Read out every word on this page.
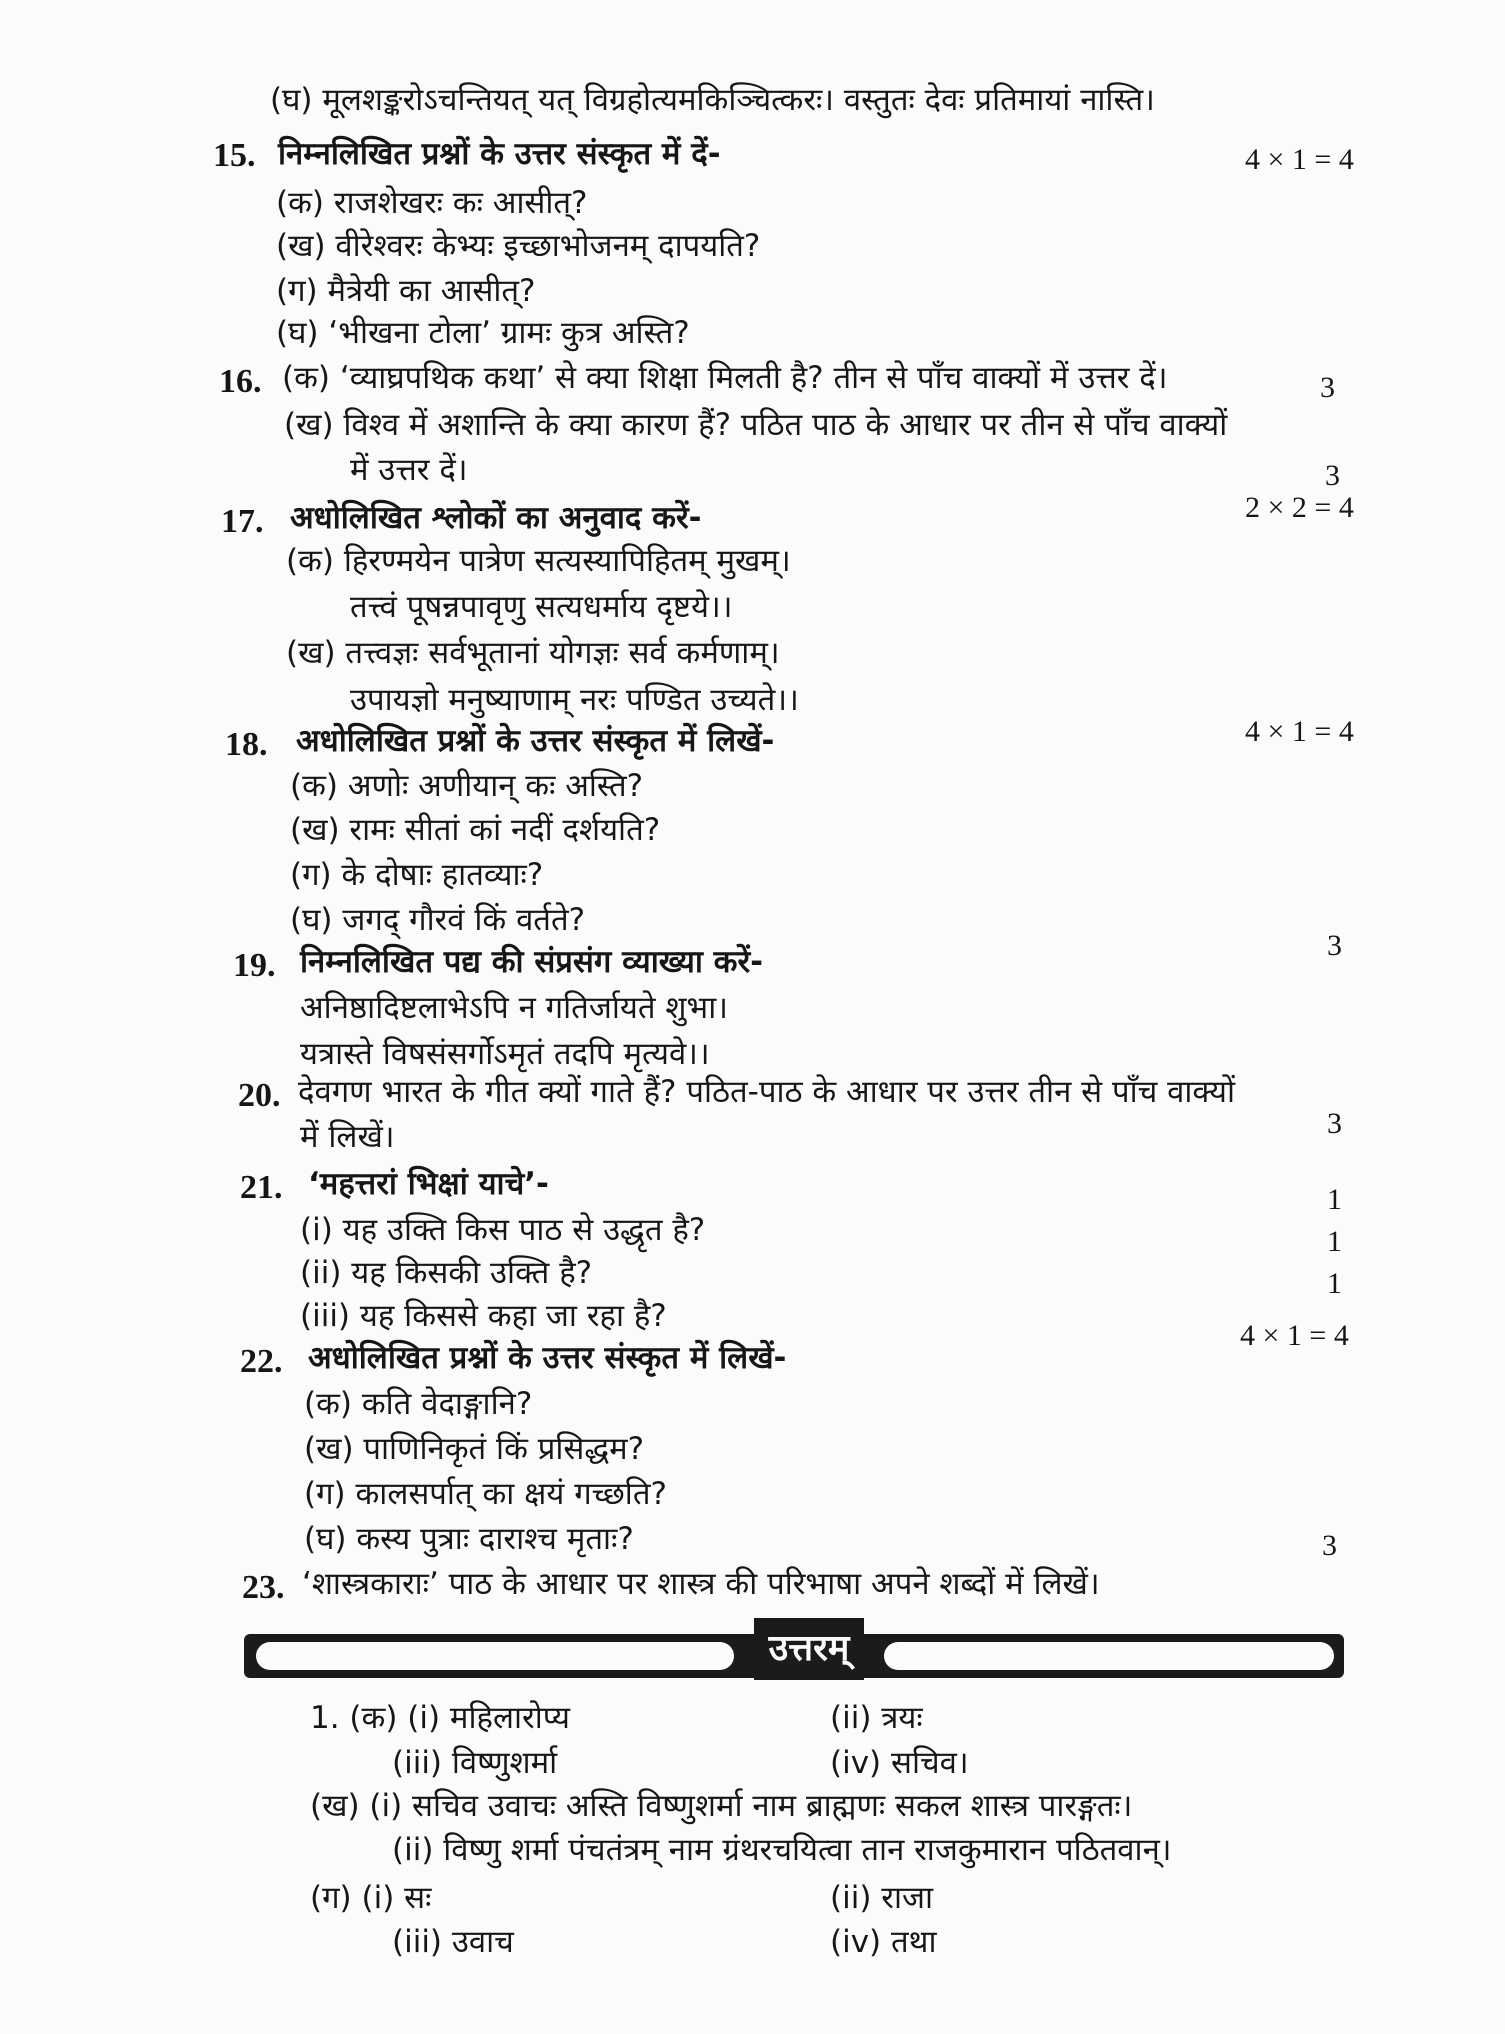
(घ) मूलशङ्करोऽचन्तियत् यत् विग्रहोत्यमकिञ्चित्करः। वस्तुतः देवः प्रतिमायां नास्ति।
15. निम्नलिखित प्रश्नों के उत्तर संस्कृत में दें-	4 × 1 = 4
(क) राजशेखरः कः आसीत्?
(ख) वीरेश्वरः केभ्यः इच्छाभोजनम् दापयति?
(ग) मैत्रेयी का आसीत्?
(घ) ‘भीखना टोला’ ग्रामः कुत्र अस्ति?
16. (क) ‘व्याघ्रपथिक कथा’ से क्या शिक्षा मिलती है? तीन से पाँच वाक्यों में उत्तर दें।	3
(ख) विश्व में अशान्ति के क्या कारण हैं? पठित पाठ के आधार पर तीन से पाँच वाक्यों
में उत्तर दें।	3
17. अधोलिखित श्लोकों का अनुवाद करें-	2 × 2 = 4
(क) हिरण्मयेन पात्रेण सत्यस्यापिहितम् मुखम्।
तत्त्वं पूषन्नपावृणु सत्यधर्माय दृष्टये।।
(ख) तत्त्वज्ञः सर्वभूतानां योगज्ञः सर्व कर्मणाम्।
उपायज्ञो मनुष्याणाम् नरः पण्डित उच्यते।।
18. अधोलिखित प्रश्नों के उत्तर संस्कृत में लिखें-	4 × 1 = 4
(क) अणोः अणीयान् कः अस्ति?
(ख) रामः सीतां कां नदीं दर्शयति?
(ग) के दोषाः हातव्याः?
(घ) जगद् गौरवं किं वर्तते?
19. निम्नलिखित पद्य की संप्रसंग व्याख्या करें-	3
अनिष्ठादिष्टलाभेऽपि न गतिर्जायते शुभा।
यत्रास्ते विषसंसर्गोऽमृतं तदपि मृत्यवे।।
20. देवगण भारत के गीत क्यों गाते हैं? पठित-पाठ के आधार पर उत्तर तीन से पाँच वाक्यों
में लिखें।	3
21. ‘महत्तरां भिक्षां याचे’-
(i) यह उक्ति किस पाठ से उद्धृत है?
1
(ii) यह किसकी उक्ति है?
1
(iii) यह किससे कहा जा रहा है?
1
22. अधोलिखित प्रश्नों के उत्तर संस्कृत में लिखें-
4 × 1 = 4
(क) कति वेदाङ्गानि?
(ख) पाणिनिकृतं किं प्रसिद्धम?
(ग) कालसर्पात् का क्षयं गच्छति?
(घ) कस्य पुत्राः दाराश्च मृताः?
23. ‘शास्त्रकाराः’ पाठ के आधार पर शास्त्र की परिभाषा अपने शब्दों में लिखें।
3
उत्तरम्
1. (क) (i) महिलारोप्य	(ii) त्रयः
(iii) विष्णुशर्मा	(iv) सचिव।
(ख) (i) सचिव उवाचः अस्ति विष्णुशर्मा नाम ब्राह्मणः सकल शास्त्र पारङ्गतः।
(ii) विष्णु शर्मा पंचतंत्रम् नाम ग्रंथरचयित्वा तान राजकुमारान पठितवान्।
(ग) (i) सः	(ii) राजा
(iii) उवाच	(iv) तथा
